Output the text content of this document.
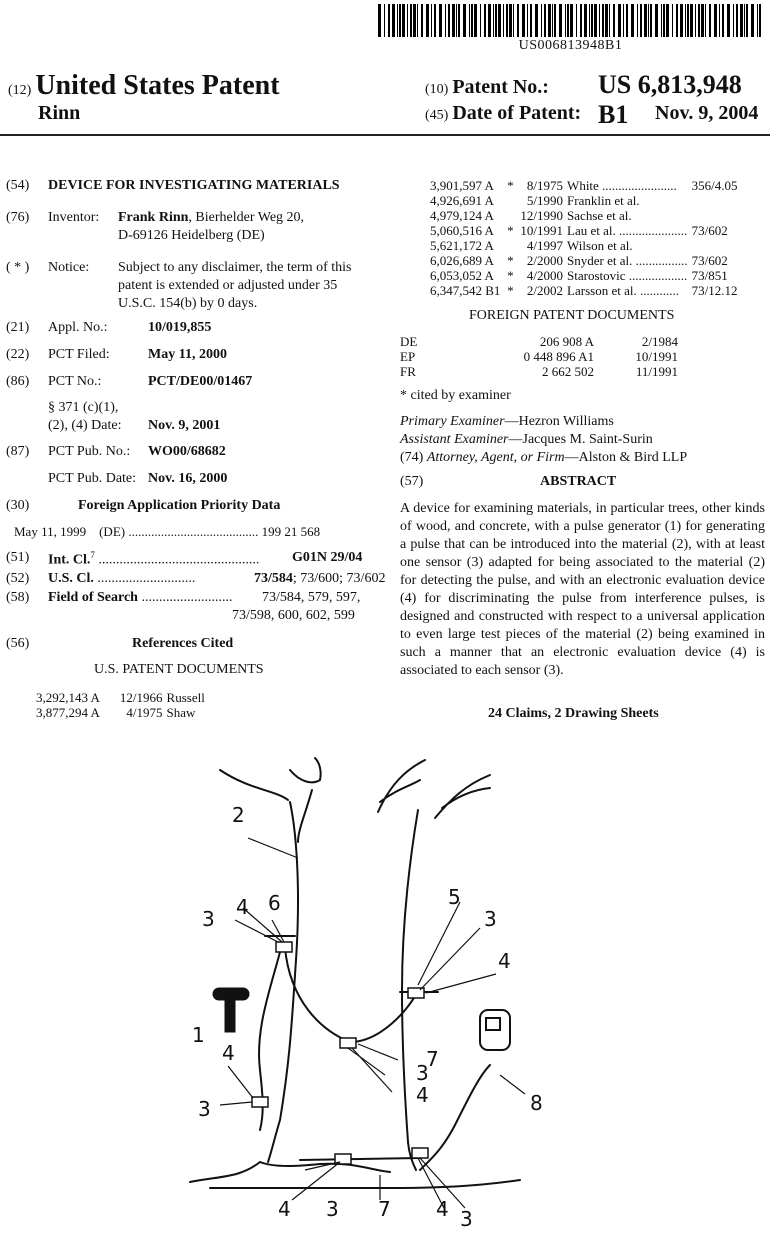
US006813948B1
(12) United States Patent
Rinn
(10) Patent No.: US 6,813,948 B1
(45) Date of Patent:	Nov. 9, 2004
(54) DEVICE FOR INVESTIGATING MATERIALS
(76) Inventor: Frank Rinn, Bierhelder Weg 20,
D-69126 Heidelberg (DE)
( * ) Notice: Subject to any disclaimer, the term of this
patent is extended or adjusted under 35
U.S.C. 154(b) by 0 days.
(21) Appl. No.:	10/019,855
(22) PCT Filed:	May 11, 2000
(86) PCT No.:	PCT/DE00/01467
§ 371 (c)(1),
(2), (4) Date: Nov. 9, 2001
(87) PCT Pub. No.: WO00/68682
PCT Pub. Date: Nov. 16, 2000
(30)	Foreign Application Priority Data
May 11, 1999    (DE) ........................................ 199 21 568
(51) Int. Cl.$^7$ .............................................. G01N 29/04
(52) U.S. Cl. ............................	73/584; 73/600; 73/602
(58) Field of Search .......................... 73/584, 579, 597,
73/598, 600, 602, 599
(56)	References Cited
U.S. PATENT DOCUMENTS
3,292,143 A		12/1966	Russell	
3,877,294 A		4/1975	Shaw	
3,901,597 A	*	8/1975	White .......................	356/4.05
4,926,691 A		5/1990	Franklin et al.	
4,979,124 A		12/1990	Sachse et al.	
5,060,516 A	*	10/1991	Lau et al. .....................	73/602
5,621,172 A		4/1997	Wilson et al.	
6,026,689 A	*	2/2000	Snyder et al. ................	73/602
6,053,052 A	*	4/2000	Starostovic ..................	73/851
6,347,542 B1	*	2/2002	Larsson et al. ............	73/12.12
FOREIGN PATENT DOCUMENTS
DE	206 908 A	2/1984
EP	0 448 896 A1	10/1991
FR	2 662 502	11/1991
* cited by examiner
Primary Examiner—Hezron Williams
Assistant Examiner—Jacques M. Saint-Surin
(74) Attorney, Agent, or Firm—Alston & Bird LLP
(57)	ABSTRACT
A device for examining materials, in particular trees, other kinds of wood, and concrete, with a pulse generator (1) for generating a pulse that can be introduced into the material (2), with at least one sensor (3) adapted for being associated to the material (2) for detecting the pulse, and with an electronic evaluation device (4) for discriminating the pulse from interference pulses, is designed and constructed with respect to a universal application to even large test pieces of the material (2) being examined in such a manner that an electronic evaluation device (4) is associated to each sensor (3).
24 Claims, 2 Drawing Sheets
2
4 6
3
5
3
4
1
7
3
4
4
3	8
4 3 7 4 3
